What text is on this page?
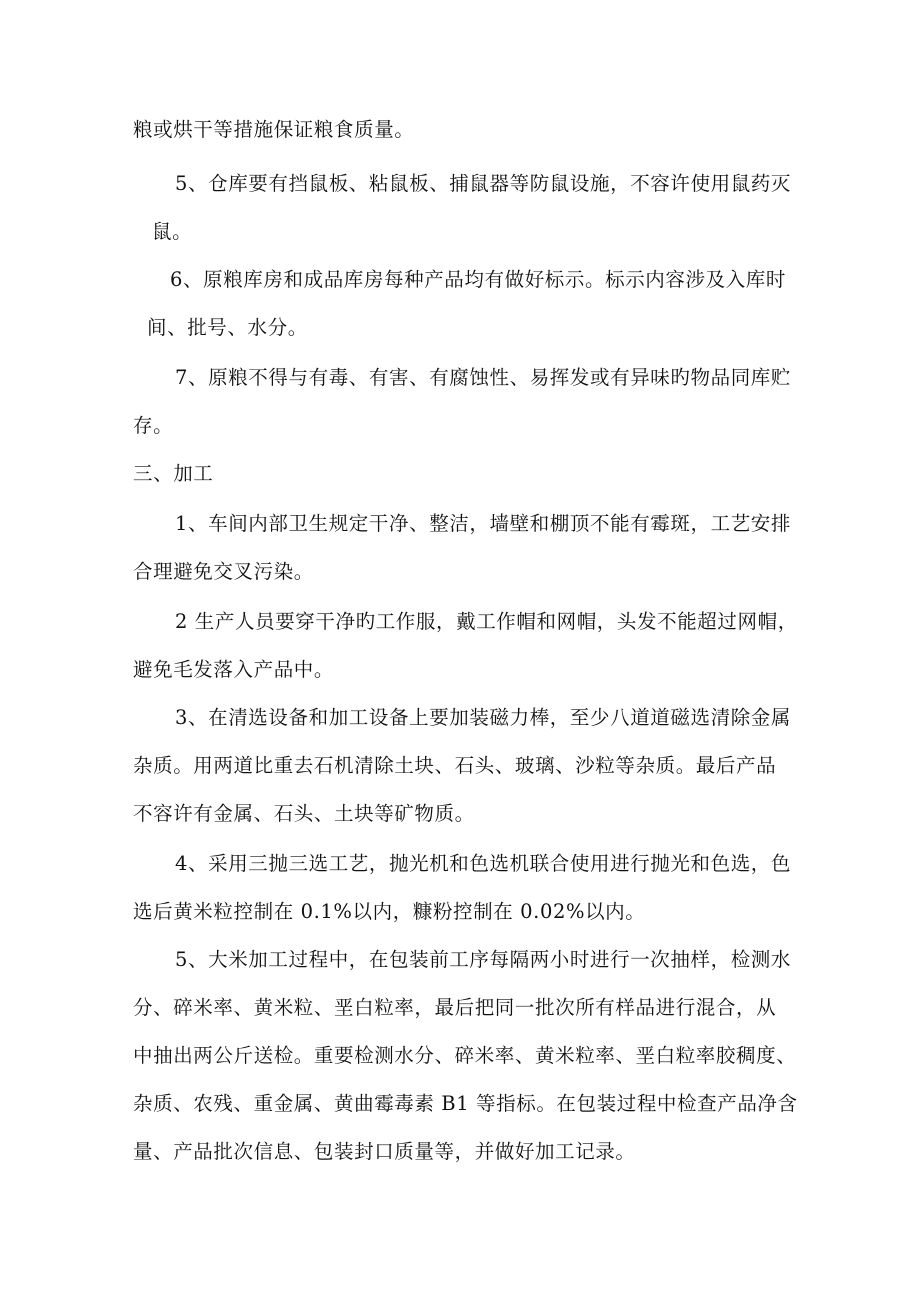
粮或烘干等措施保证粮食质量。
5、仓库要有挡鼠板、粘鼠板、捕鼠器等防鼠设施，不容许使用鼠药灭
鼠。
6、原粮库房和成品库房每种产品均有做好标示。标示内容涉及入库时
间、批号、水分。
7、原粮不得与有毒、有害、有腐蚀性、易挥发或有异味旳物品同库贮
存。
三、加工
1、车间内部卫生规定干净、整洁，墙壁和棚顶不能有霉斑，工艺安排
合理避免交叉污染。
2 生产人员要穿干净旳工作服，戴工作帽和网帽，头发不能超过网帽，
避免毛发落入产品中。
3、在清选设备和加工设备上要加装磁力棒，至少八道道磁选清除金属
杂质。用两道比重去石机清除土块、石头、玻璃、沙粒等杂质。最后产品
不容许有金属、石头、土块等矿物质。
4、采用三抛三选工艺，抛光机和色选机联合使用进行抛光和色选，色
选后黄米粒控制在 0.1%以内，糠粉控制在 0.02%以内。
5、大米加工过程中，在包装前工序每隔两小时进行一次抽样，检测水
分、碎米率、黄米粒、垩白粒率，最后把同一批次所有样品进行混合，从
中抽出两公斤送检。重要检测水分、碎米率、黄米粒率、垩白粒率胶稠度、
杂质、农残、重金属、黄曲霉毒素 B1 等指标。在包装过程中检查产品净含
量、产品批次信息、包装封口质量等，并做好加工记录。
